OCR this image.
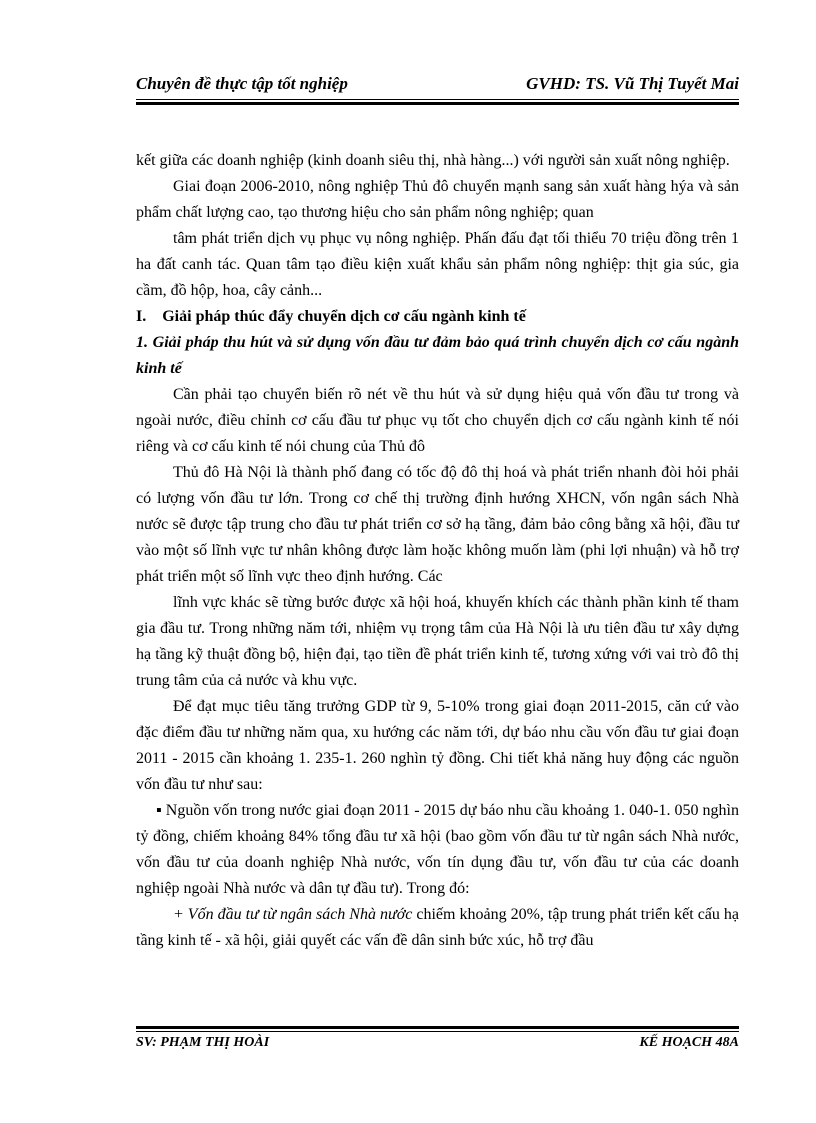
Chuyên đề thực tập tốt nghiệp	GVHD: TS. Vũ Thị Tuyết Mai

kết giữa các doanh nghiệp (kinh doanh siêu thị, nhà hàng...) với người sản xuất nông nghiệp.

Giai đoạn 2006-2010, nông nghiệp Thủ đô chuyển mạnh sang sản xuất hàng hýa và sản phẩm chất lượng cao, tạo thương hiệu cho sản phẩm nông nghiệp; quan

tâm phát triển dịch vụ phục vụ nông nghiệp. Phấn đấu đạt tối thiểu 70 triệu đồng trên 1 ha đất canh tác. Quan tâm tạo điều kiện xuất khẩu sản phẩm nông nghiệp: thịt gia súc, gia cầm, đồ hộp, hoa, cây cảnh...

I.    Giải pháp thúc đẩy chuyển dịch cơ cấu ngành kinh tế

1. Giải pháp thu hút và sử dụng vốn đầu tư đảm bảo quá trình chuyển dịch cơ cấu ngành kinh tế

Cần phải tạo chuyển biến rõ nét về thu hút và sử dụng hiệu quả vốn đầu tư trong và ngoài nước, điều chỉnh cơ cấu đầu tư phục vụ tốt cho chuyển dịch cơ cấu ngành kinh tế nói riêng và cơ cấu kinh tế nói chung của Thủ đô

Thủ đô Hà Nội là thành phố đang có tốc độ đô thị hoá và phát triển nhanh đòi hỏi phải có lượng vốn đầu tư lớn. Trong cơ chế thị trường định hướng XHCN, vốn ngân sách Nhà nước sẽ được tập trung cho đầu tư phát triển cơ sở hạ tầng, đảm bảo công bằng xã hội, đầu tư vào một số lĩnh vực tư nhân không được làm hoặc không muốn làm (phi lợi nhuận) và hỗ trợ phát triển một số lĩnh vực theo định hướng. Các

lĩnh vực khác sẽ từng bước được xã hội hoá, khuyến khích các thành phần kinh tế tham gia đầu tư. Trong những năm tới, nhiệm vụ trọng tâm của Hà Nội là ưu tiên đầu tư xây dựng hạ tầng kỹ thuật đồng bộ, hiện đại, tạo tiền đề phát triển kinh tế, tương xứng với vai trò đô thị trung tâm của cả nước và khu vực.

Để đạt mục tiêu tăng trưởng GDP từ 9, 5-10% trong giai đoạn 2011-2015, căn cứ vào đặc điểm đầu tư những năm qua, xu hướng các năm tới, dự báo nhu cầu vốn đầu tư giai đoạn 2011 - 2015 cần khoảng 1. 235-1. 260 nghìn tỷ đồng. Chi tiết khả năng huy động các nguồn vốn đầu tư như sau:

▪ Nguồn vốn trong nước giai đoạn 2011 - 2015 dự báo nhu cầu khoảng 1. 040-1. 050 nghìn tỷ đồng, chiếm khoảng 84% tổng đầu tư xã hội (bao gồm vốn đầu tư từ ngân sách Nhà nước, vốn đầu tư của doanh nghiệp Nhà nước, vốn tín dụng đầu tư, vốn đầu tư của các doanh nghiệp ngoài Nhà nước và dân tự đầu tư). Trong đó:

+ Vốn đầu tư từ ngân sách Nhà nước chiếm khoảng 20%, tập trung phát triển kết cấu hạ tầng kinh tế - xã hội, giải quyết các vấn đề dân sinh bức xúc, hỗ trợ đầu

SV: PHẠM THỊ HOÀI	KẾ HOẠCH 48A
